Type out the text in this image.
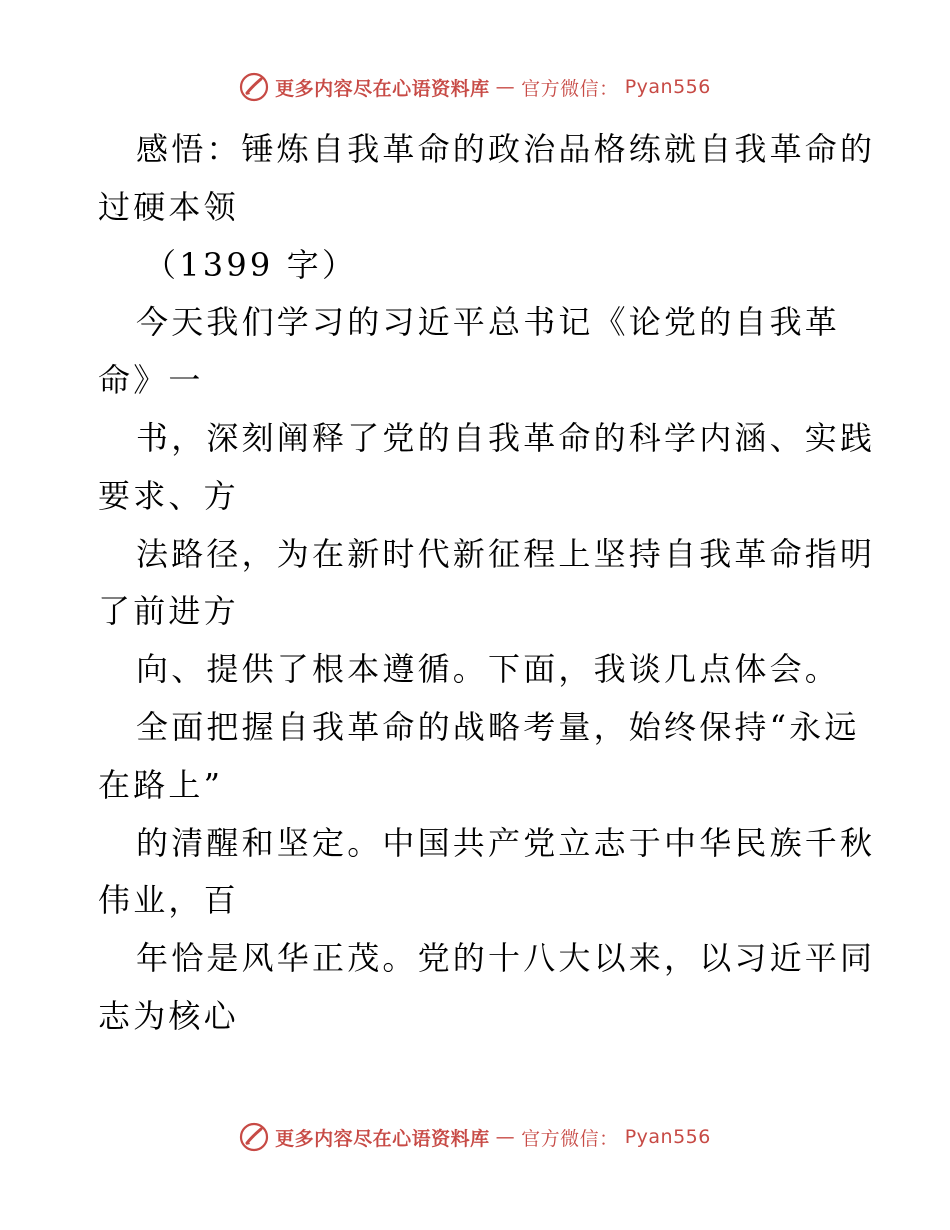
更多内容尽在心语资料库 — 官方微信： Pyan556
感悟：锤炼自我革命的政治品格练就自我革命的
过硬本领
（1399 字）
今天我们学习的习近平总书记《论党的自我革
命》一
书，深刻阐释了党的自我革命的科学内涵、实践
要求、方
法路径，为在新时代新征程上坚持自我革命指明
了前进方
向、提供了根本遵循。下面，我谈几点体会。
全面把握自我革命的战略考量，始终保持“永远
在路上”
的清醒和坚定。中国共产党立志于中华民族千秋
伟业，百
年恰是风华正茂。党的十八大以来，以习近平同
志为核心
更多内容尽在心语资料库 — 官方微信： Pyan556
